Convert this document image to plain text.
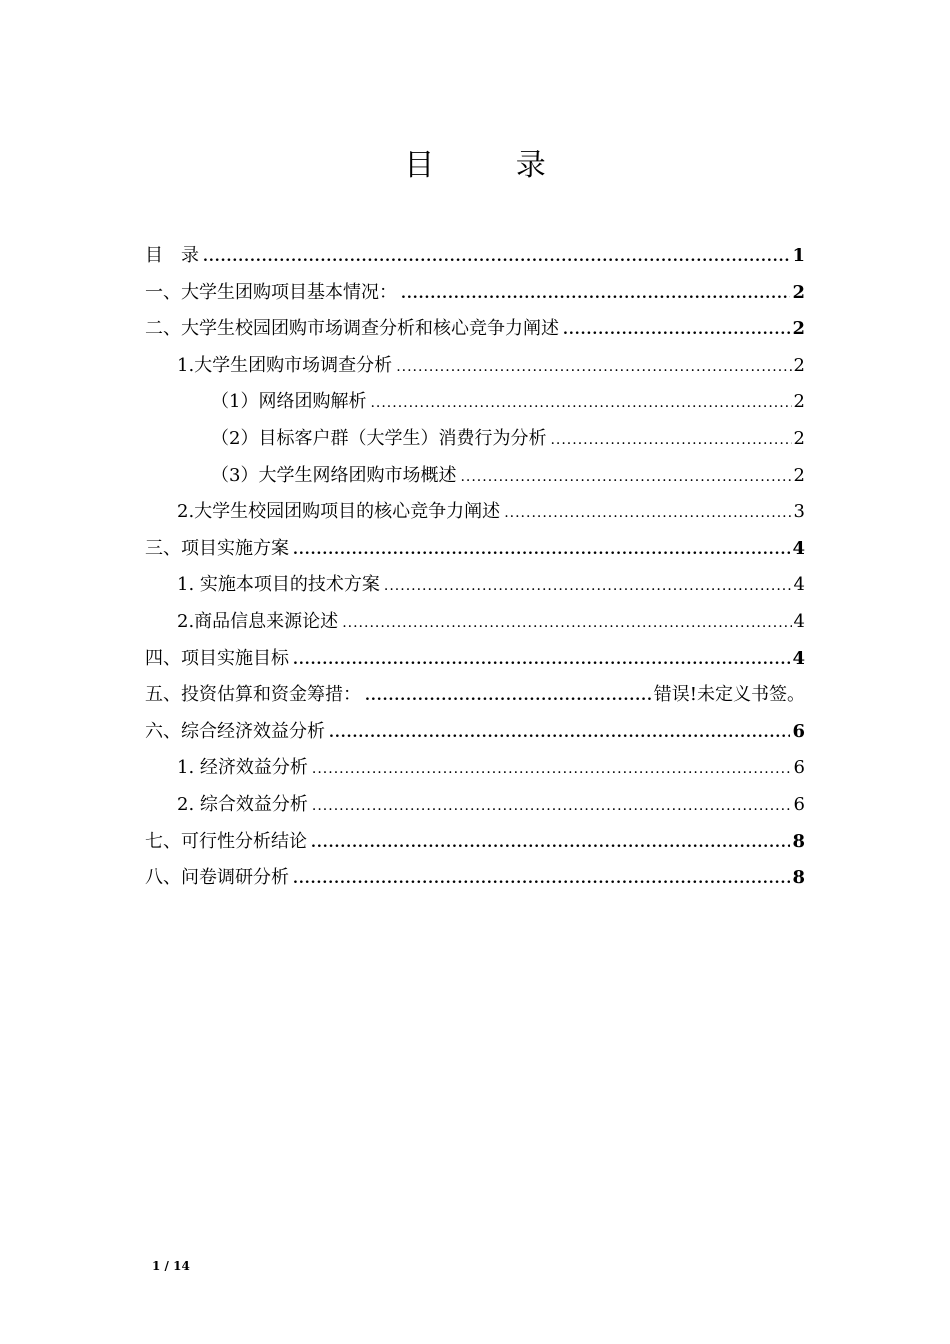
目 录
目　录 .....	1
一、 大学生团购项目基本情况： .....	2
二、 大学生校园团购市场调查分析和核心竞争力阐述 .....	2
1.大学生团购市场调查分析 .....	2
（1）网络团购解析 .....	2
（2）目标客户群（大学生）消费行为分析 .....	2
（3）大学生网络团购市场概述 .....	2
2.大学生校园团购项目的核心竞争力阐述 .....	3
三、 项目实施方案 .....	4
1. 实施本项目的技术方案 .....	4
2.商品信息来源论述 .....	4
四、 项目实施目标 .....	4
五、 投资估算和资金筹措： .....	错误!未定义书签。
六、 综合经济效益分析 .....	6
1. 经济效益分析 .....	6
2. 综合效益分析 .....	6
七、 可行性分析结论 .....	8
八、 问卷调研分析 .....	8
1 / 14
